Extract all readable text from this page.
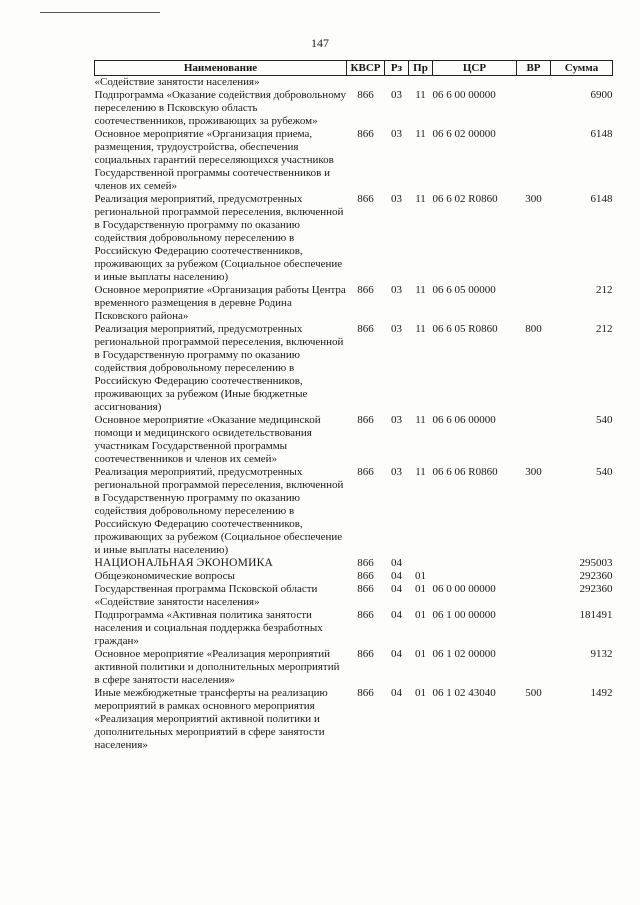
147
Наименование	КВСР	Рз	Пр	ЦСР	ВР	Сумма
«Содействие занятости населения»						
Подпрограмма «Оказание содействия добровольному переселению в Псковскую область соотечественников, проживающих за рубежом»	866	03	11	06 6 00 00000		6900
Основное мероприятие «Организация приема, размещения, трудоустройства, обеспечения социальных гарантий переселяющихся участников Государственной программы соотечественников и членов их семей»	866	03	11	06 6 02 00000		6148
Реализация мероприятий, предусмотренных региональной программой переселения, включенной в Государственную программу по оказанию содействия добровольному переселению в Российскую Федерацию соотечественников, проживающих за рубежом (Социальное обеспечение и иные выплаты населению)	866	03	11	06 6 02 R0860	300	6148
Основное мероприятие «Организация работы Центра временного размещения в деревне Родина Псковского района»	866	03	11	06 6 05 00000		212
Реализация мероприятий, предусмотренных региональной программой переселения, включенной в Государственную программу по оказанию содействия добровольному переселению в Российскую Федерацию соотечественников, проживающих за рубежом (Иные бюджетные ассигнования)	866	03	11	06 6 05 R0860	800	212
Основное мероприятие «Оказание медицинской помощи и медицинского освидетельствования участникам Государственной программы соотечественников и членов их семей»	866	03	11	06 6 06 00000		540
Реализация мероприятий, предусмотренных региональной программой переселения, включенной в Государственную программу по оказанию содействия добровольному переселению в Российскую Федерацию соотечественников, проживающих за рубежом (Социальное обеспечение и иные выплаты населению)	866	03	11	06 6 06 R0860	300	540
НАЦИОНАЛЬНАЯ ЭКОНОМИКА	866	04				295003
Общеэкономические вопросы	866	04	01			292360
Государственная программа Псковской области «Содействие занятости населения»	866	04	01	06 0 00 00000		292360
Подпрограмма «Активная политика занятости населения и социальная поддержка безработных граждан»	866	04	01	06 1 00 00000		181491
Основное мероприятие «Реализация мероприятий активной политики и дополнительных мероприятий в сфере занятости населения»	866	04	01	06 1 02 00000		9132
Иные межбюджетные трансферты на реализацию мероприятий в рамках основного мероприятия «Реализация мероприятий активной политики и дополнительных мероприятий в сфере занятости населения»	866	04	01	06 1 02 43040	500	1492
